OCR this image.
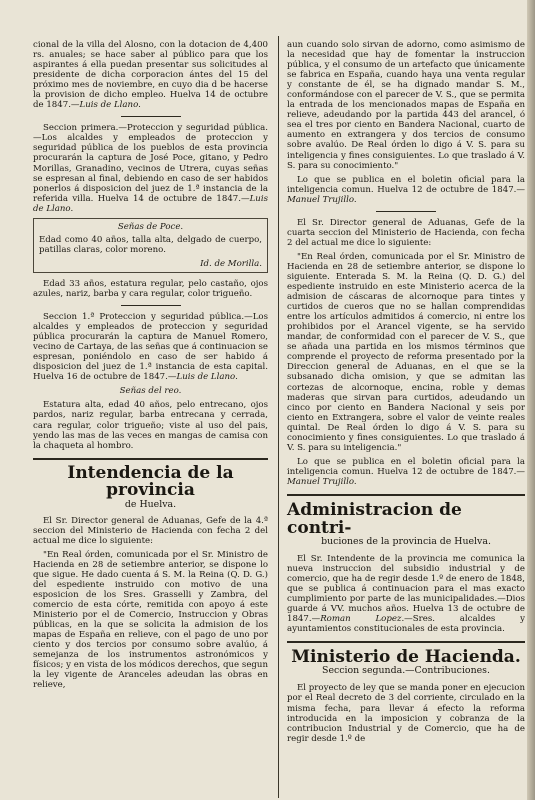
cional de la villa del Alosno, con la dotacion de 4,400 rs. anuales; se hace saber al público para que los aspirantes á ella puedan presentar sus solicitudes al presidente de dicha corporacion ántes del 15 del próximo mes de noviembre, en cuyo dia d be hacerse la provision de dicho empleo. Huelva 14 de octubre de 1847.—Luis de Llano.

Seccion primera.—Proteccion y seguridad pública. —Los alcaldes y empleados de proteccion y seguridad pública de los pueblos de esta provincia procurarán la captura de José Poce, gitano, y Pedro Morillas, Granadino, vecinos de Utrera, cuyas señas se espresan al final, debiendo en caso de ser habidos ponerlos á disposicion del juez de 1.ª instancia de la referida villa. Huelva 14 de octubre de 1847.—Luis de Llano.

Señas de Poce.

Edad como 40 años, talla alta, delgado de cuerpo, patillas claras, color moreno.

Id. de Morilla.

Edad 33 años, estatura regular, pelo castaño, ojos azules, nariz, barba y cara regular, color trigueño.

Seccion 1.ª Proteccion y seguridad pública.—Los alcaldes y empleados de proteccion y seguridad pública procurarán la captura de Manuel Romero, vecino de Cartaya, de las señas que á continuacion se espresan, poniéndolo en caso de ser habido á disposicion del juez de 1.ª instancia de esta capital. Huelva 16 de octubre de 1847.—Luis de Llano.

Señas del reo.

Estatura alta, edad 40 años, pelo entrecano, ojos pardos, nariz regular, barba entrecana y cerrada, cara regular, color trigueño; viste al uso del pais, yendo las mas de las veces en mangas de camisa con la chaqueta al hombro.

Intendencia de la provincia
de Huelva.

El Sr. Director general de Aduanas, Gefe de la 4.ª seccion del Ministerio de Hacienda con fecha 2 del actual me dice lo siguiente:

"En Real órden, comunicada por el Sr. Ministro de Hacienda en 28 de setiembre anterior, se dispone lo que sigue. He dado cuenta á S. M. la Reina (Q. D. G.) del espediente instruido con motivo de una esposicion de los Sres. Grasselli y Zambra, del comercio de esta córte, remitida con apoyo á este Ministerio por el de Comercio, Instruccion y Obras públicas, en la que se solicita la admision de los mapas de España en relieve, con el pago de uno por ciento y dos tercios por consumo sobre avalúo, á semejanza de los instrumentos astronómicos y físicos; y en vista de los módicos derechos, que segun la ley vigente de Aranceles adeudan las obras en relieve,

aun cuando solo sirvan de adorno, como asimismo de la necesidad que hay de fomentar la instruccion pública, y el consumo de un artefacto que únicamente se fabrica en España, cuando haya una venta regular y constante de él, se ha dignado mandar S. M., conformándose con el parecer de V. S., que se permita la entrada de los mencionados mapas de España en relieve, adeudando por la partida 443 del arancel, ó sea el tres por ciento en Bandera Nacional, cuarto de aumento en extrangera y dos tercios de consumo sobre avalúo. De Real órden lo digo á V. S. para su inteligencia y fines consiguientes. Lo que traslado á V. S. para su conocimiento."

Lo que se publica en el boletin oficial para la inteligencia comun. Huelva 12 de octubre de 1847.—Manuel Trujillo.

El Sr. Director general de Aduanas, Gefe de la cuarta seccion del Ministerio de Hacienda, con fecha 2 del actual me dice lo siguiente:

"En Real órden, comunicada por el Sr. Ministro de Hacienda en 28 de setiembre anterior, se dispone lo siguiente. Enterada S. M. la Reina (Q. D. G.) del espediente instruido en este Ministerio acerca de la admision de cáscaras de alcornoque para tintes y curtidos de cueros que no se hallan comprendidas entre los artículos admitidos á comercio, ni entre los prohibidos por el Arancel vigente, se ha servido mandar, de conformidad con el parecer de V. S., que se añada una partida en los mismos términos que comprende el proyecto de reforma presentado por la Direccion general de Aduanas, en el que se la subsanado dicha omision, y que se admitan las cortezas de alcornoque, encina, roble y demas maderas que sirvan para curtidos, adeudando un cinco por ciento en Bandera Nacional y seis por ciento en Extrangera, sobre el valor de veinte reales quintal. De Real órden lo digo á V. S. para su conocimiento y fines consiguientes. Lo que traslado á V. S. para su inteligencia."

Lo que se publica en el boletin oficial para la inteligencia comun. Huelva 12 de octubre de 1847.—Manuel Trujillo.

Administracion de contri-
buciones de la provincia de Huelva.

El Sr. Intendente de la provincia me comunica la nueva instruccion del subsidio industrial y de comercio, que ha de regir desde 1.º de enero de 1848, que se publica á continuacion para el mas exacto cumplimiento por parte de las municipalidades.—Dios guarde á VV. muchos años. Huelva 13 de octubre de 1847.—Roman Lopez.—Sres. alcaldes y ayuntamientos constitucionales de esta provincia.

Ministerio de Hacienda.
Seccion segunda.—Contribuciones.

El proyecto de ley que se manda poner en ejecucion por el Real decreto de 3 del corriente, circulado en la misma fecha, para llevar á efecto la reforma introducida en la imposicion y cobranza de la contribucion Industrial y de Comercio, que ha de regir desde 1.º de
